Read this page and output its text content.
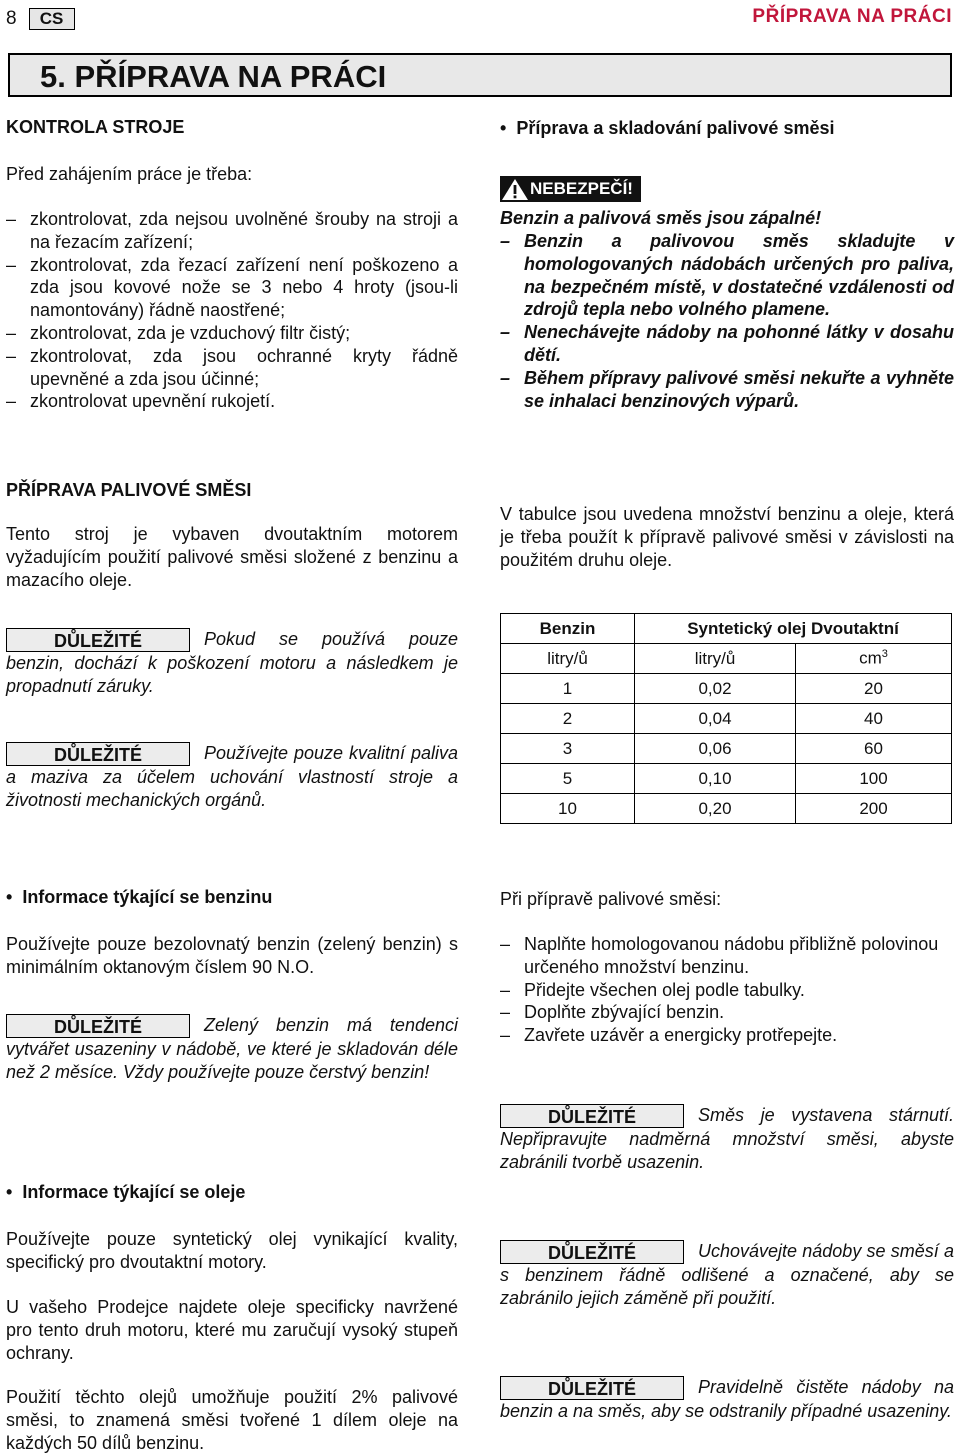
8	CS	PŘÍPRAVA NA PRÁCI
5. PŘÍPRAVA NA PRÁCI
KONTROLA STROJE
Před zahájením práce je třeba:
– zkontrolovat, zda nejsou uvolněné šrouby na stroji a na řezacím zařízení;
– zkontrolovat, zda řezací zařízení není poškozeno a zda jsou kovové nože se 3 nebo 4 hroty (jsou-li namontovány) řádně naostřené;
– zkontrolovat, zda je vzduchový filtr čistý;
– zkontrolovat, zda jsou ochranné kryty řádně upevněné a zda jsou účinné;
– zkontrolovat upevnění rukojetí.
•  Příprava a skladování palivové směsi
NEBEZPEČÍ!
Benzin a palivová směs jsou zápalné!
– Benzin a palivovou směs skladujte v homologovaných nádobách určených pro paliva, na bezpečném místě, v dostatečné vzdálenosti od zdrojů tepla nebo volného plamene.
– Nenechávejte nádoby na pohonné látky v dosahu dětí.
– Během přípravy palivové směsi nekuřte a vyhněte se inhalaci benzinových výparů.
PŘÍPRAVA PALIVOVÉ SMĚSI
Tento stroj je vybaven dvoutaktním motorem vyžadujícím použití palivové směsi složené z benzinu a mazacího oleje.
DŮLEŽITÉ	Pokud se používá pouze benzin, dochází k poškození motoru a následkem je propadnutí záruky.
DŮLEŽITÉ	Používejte pouze kvalitní paliva a maziva za účelem uchování vlastností stroje a životnosti mechanických orgánů.
V tabulce jsou uvedena množství benzinu a oleje, která je třeba použít k přípravě palivové směsi v závislosti na použitém druhu oleje.
Benzin	Syntetický olej Dvoutaktní	
litry/ů	litry/ů	$cm^3$
1	0,02	20
2	0,04	40
3	0,06	60
5	0,10	100
10	0,20	200
•  Informace týkající se benzinu
Používejte pouze bezolovnatý benzin (zelený benzin) s minimálním oktanovým číslem 90 N.O.
DŮLEŽITÉ	Zelený benzin má tendenci vytvářet usazeniny v nádobě, ve které je skladován déle než 2 měsíce. Vždy používejte pouze čerstvý benzin!
•  Informace týkající se oleje
Používejte pouze syntetický olej vynikající kvality, specifický pro dvoutaktní motory.
U vašeho Prodejce najdete oleje specificky navržené pro tento druh motoru, které mu zaručují vysoký stupeň ochrany.
Použití těchto olejů umožňuje použití 2% palivové směsi, to znamená směsi tvořené 1 dílem oleje na každých 50 dílů benzinu.
Při přípravě palivové směsi:
– Naplňte homologovanou nádobu přibližně polovinou určeného množství benzinu.
– Přidejte všechen olej podle tabulky.
– Doplňte zbývající benzin.
– Zavřete uzávěr a energicky protřepejte.
DŮLEŽITÉ	Směs je vystavena stárnutí. Nepřipravujte nadměrná množství směsi, abyste zabránili tvorbě usazenin.
DŮLEŽITÉ	Uchovávejte nádoby se směsí a s benzinem řádně odlišené a označené, aby se zabránilo jejich záměně při použití.
DŮLEŽITÉ	Pravidelně čistěte nádoby na benzin a na směs, aby se odstranily případné usazeniny.
